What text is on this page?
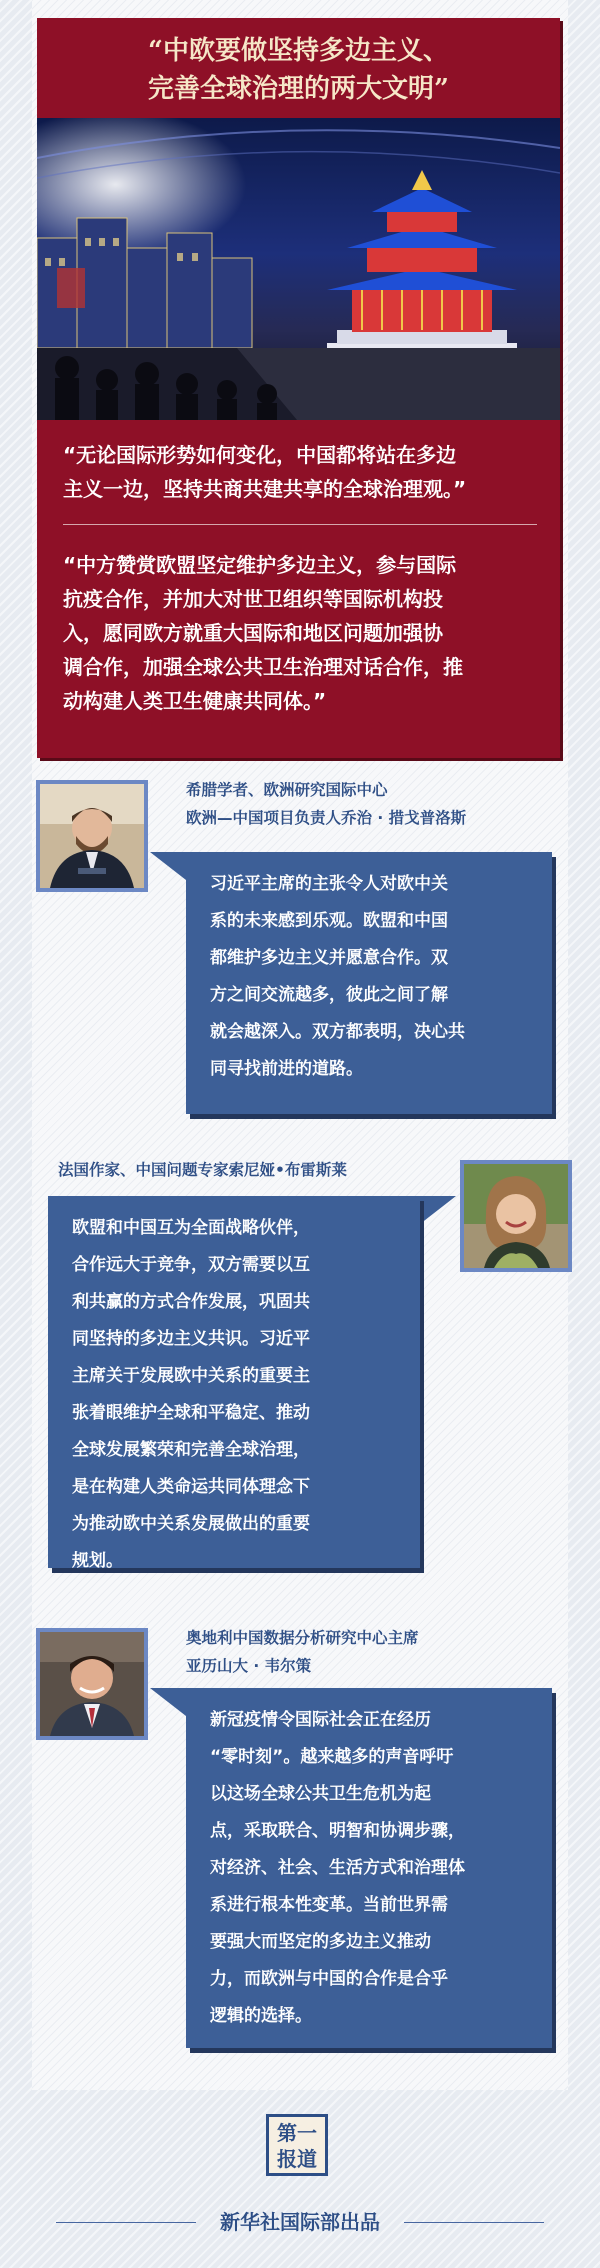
“中欧要做坚持多边主义、
完善全球治理的两大文明”
“无论国际形势如何变化，中国都将站在多边
主义一边，坚持共商共建共享的全球治理观。”
“中方赞赏欧盟坚定维护多边主义，参与国际
抗疫合作，并加大对世卫组织等国际机构投
入，愿同欧方就重大国际和地区问题加强协
调合作，加强全球公共卫生治理对话合作，推
动构建人类卫生健康共同体。”
希腊学者、欧洲研究国际中心
欧洲—中国项目负责人乔治 · 措戈普洛斯
习近平主席的主张令人对欧中关
系的未来感到乐观。欧盟和中国
都维护多边主义并愿意合作。双
方之间交流越多，彼此之间了解
就会越深入。双方都表明，决心共
同寻找前进的道路。
法国作家、中国问题专家索尼娅•布雷斯莱
欧盟和中国互为全面战略伙伴，
合作远大于竞争，双方需要以互
利共赢的方式合作发展，巩固共
同坚持的多边主义共识。习近平
主席关于发展欧中关系的重要主
张着眼维护全球和平稳定、推动
全球发展繁荣和完善全球治理，
是在构建人类命运共同体理念下
为推动欧中关系发展做出的重要
规划。
奥地利中国数据分析研究中心主席
亚历山大 · 韦尔策
新冠疫情令国际社会正在经历
“零时刻”。越来越多的声音呼吁
以这场全球公共卫生危机为起
点，采取联合、明智和协调步骤，
对经济、社会、生活方式和治理体
系进行根本性变革。当前世界需
要强大而坚定的多边主义推动
力，而欧洲与中国的合作是合乎
逻辑的选择。
第一
报道
新华社国际部出品
